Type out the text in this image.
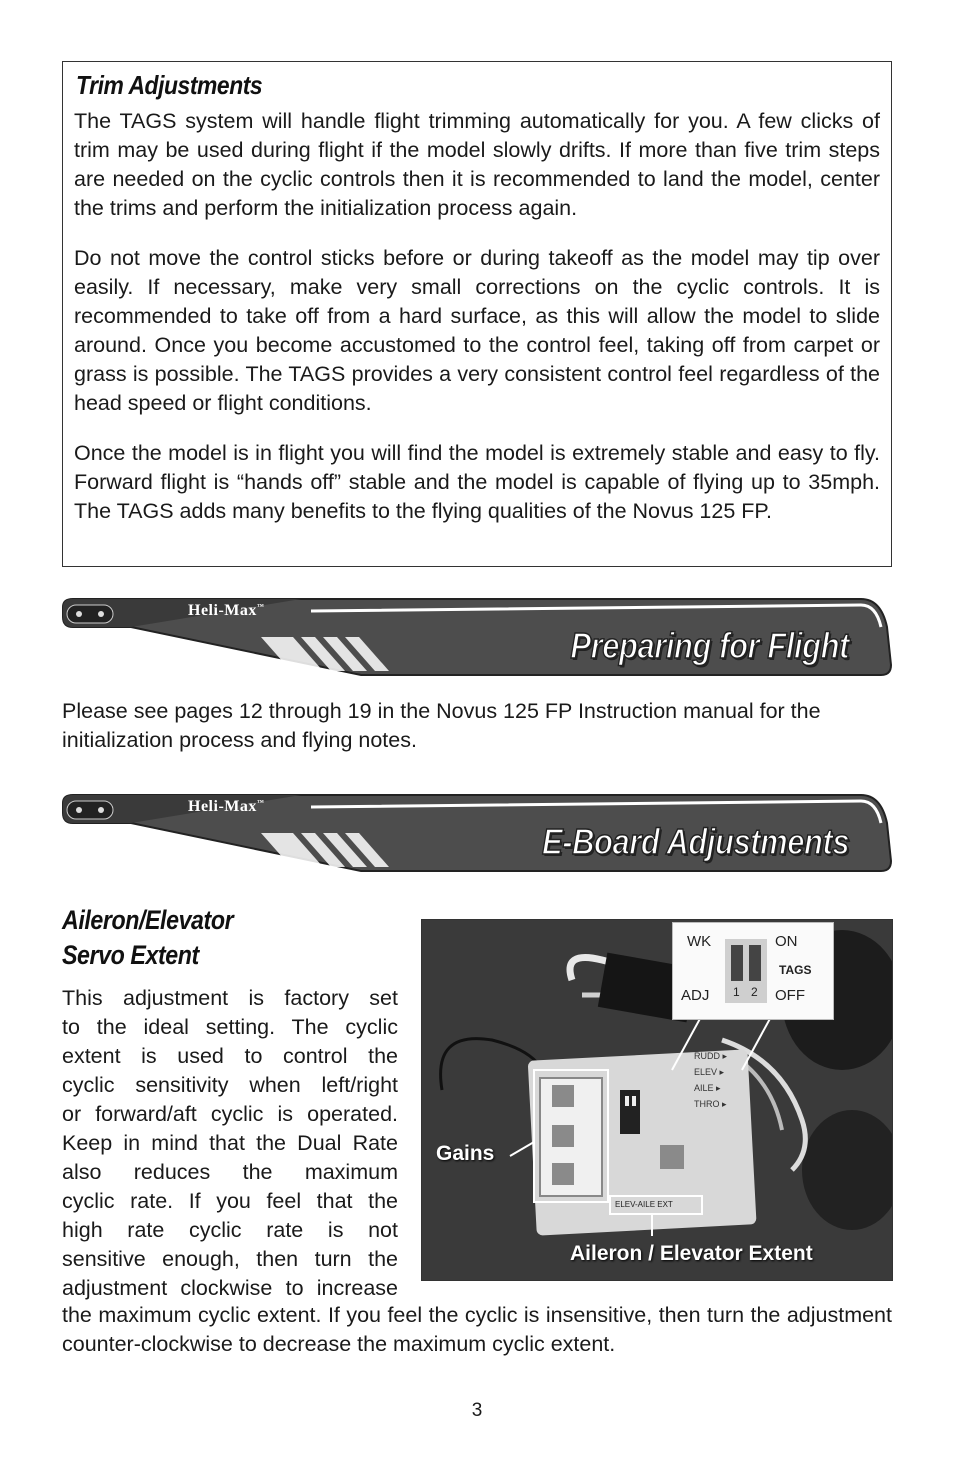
Trim Adjustments

The TAGS system will handle flight trimming automatically for you. A few clicks of trim may be used during flight if the model slowly drifts. If more than five trim steps are needed on the cyclic controls then it is recommended to land the model, center the trims and perform the initialization process again.

Do not move the control sticks before or during takeoff as the model may tip over easily. If necessary, make very small corrections on the cyclic controls. It is recommended to take off from a hard surface, as this will allow the model to slide around. Once you become accustomed to the control feel, taking off from carpet or grass is possible. The TAGS provides a very consistent control feel regardless of the head speed or flight conditions.

Once the model is in flight you will find the model is extremely stable and easy to fly. Forward flight is “hands off” stable and the model is capable of flying up to 35mph. The TAGS adds many benefits to the flying qualities of the Novus 125 FP.

Heli-Max™
Preparing for Flight
Please see pages 12 through 19 in the Novus 125 FP Instruction manual for the initialization process and flying notes.
Heli-Max™
E-Board Adjustments
Aileron/Elevator
Servo Extent
This adjustment is factory set
to the ideal setting. The cyclic
extent is used to control the
cyclic sensitivity when left/right
or forward/aft cyclic is operated.
Keep in mind that the Dual Rate
also reduces the maximum
cyclic rate. If you feel that the
high rate cyclic rate is not
sensitive enough, then turn the
adjustment clockwise to increase
RUDD ▸
ELEV ▸
AILE ▸
THRO ▸
ELEV-AILE EXT
WK	ON
ADJ	OFF
TAGS
1 2
Gains
Aileron / Elevator Extent
the maximum cyclic extent. If you feel the cyclic is insensitive, then turn the adjustment counter-clockwise to decrease the maximum cyclic extent.
3
